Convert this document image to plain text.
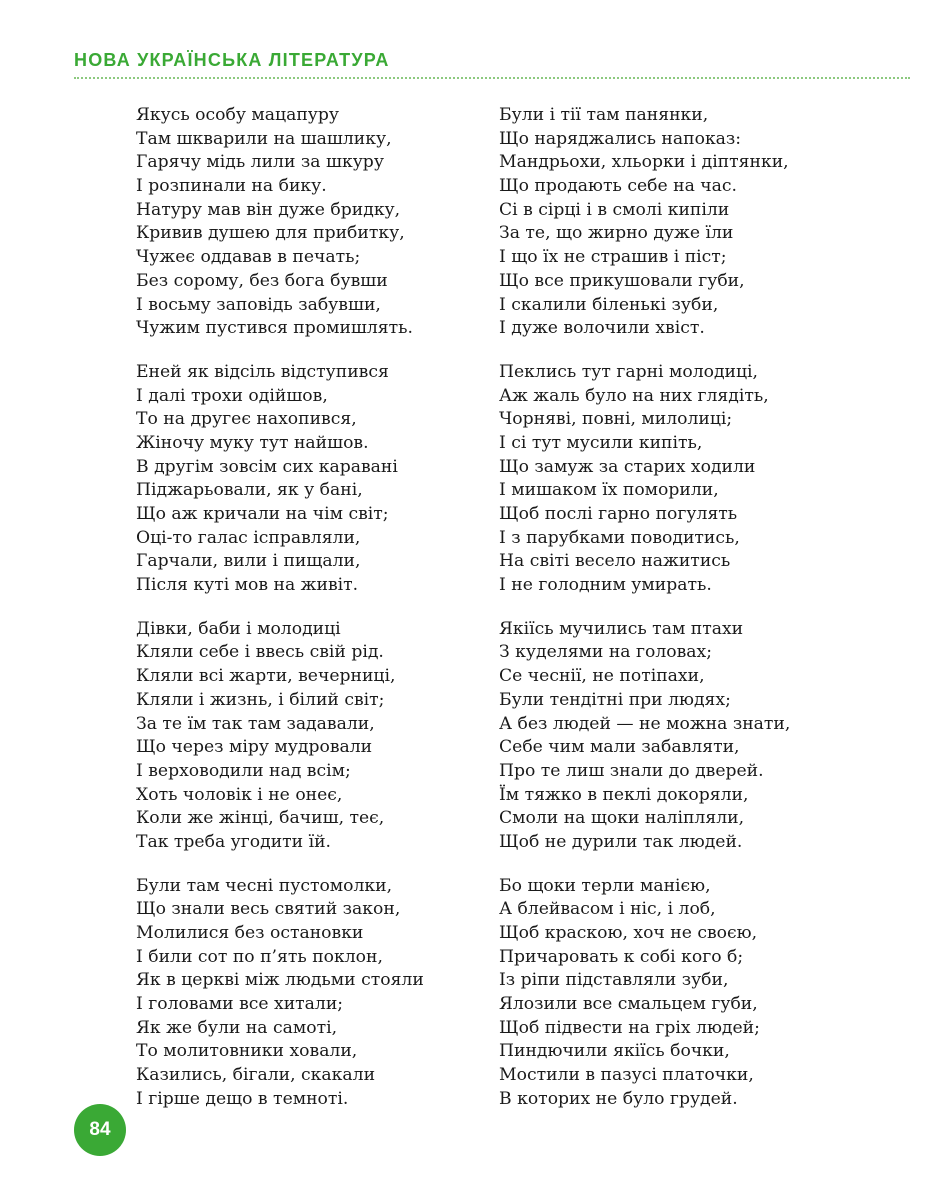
НОВА УКРАЇНСЬКА ЛІТЕРАТУРА
Якусь особу мацапуру
Там шкварили на шашлику,
Гарячу мідь лили за шкуру
І розпинали на бику.
Натуру мав він дуже бридку,
Кривив душею для прибитку,
Чужеє оддавав в печать;
Без сорому, без бога бувши
І восьму заповідь забувши,
Чужим пустився промишлять.
Еней як відсіль відступився
І далі трохи одійшов,
То на другеє нахопився,
Жіночу муку тут найшов.
В другім зовсім сих каравані
Піджарьовали, як у бані,
Що аж кричали на чім світ;
Оці-то галас ісправляли,
Гарчали, вили і пищали,
Після куті мов на живіт.
Дівки, баби і молодиці
Кляли себе і ввесь свій рід.
Кляли всі жарти, вечерниці,
Кляли і жизнь, і білий світ;
За те їм так там задавали,
Що через міру мудровали
І верховодили над всім;
Хоть чоловік і не онеє,
Коли же жінці, бачиш, теє,
Так треба угодити їй.
Були там чесні пустомолки,
Що знали весь святий закон,
Молилися без остановки
І били сот по п’ять поклон,
Як в церкві між людьми стояли
І головами все хитали;
Як же були на самоті,
То молитовники ховали,
Казились, бігали, скакали
І гірше дещо в темноті.
Були і тії там панянки,
Що наряджались напоказ:
Мандрьохи, хльорки і діптянки,
Що продають себе на час.
Сі в сірці і в смолі кипіли
За те, що жирно дуже їли
І що їх не страшив і піст;
Що все прикушовали губи,
І скалили біленькі зуби,
І дуже волочили хвіст.
Пеклись тут гарні молодиці,
Аж жаль було на них глядіть,
Чорняві, повні, милолиці;
І сі тут мусили кипіть,
Що замуж за старих ходили
І мишаком їх поморили,
Щоб послі гарно погулять
І з парубками поводитись,
На світі весело нажитись
І не голодним умирать.
Якіїсь мучились там птахи
З куделями на головах;
Се чеснії, не потіпахи,
Були тендітні при людях;
А без людей — не можна знати,
Себе чим мали забавляти,
Про те лиш знали до дверей.
Їм тяжко в пеклі докоряли,
Смоли на щоки наліпляли,
Щоб не дурили так людей.
Бо щоки терли манією,
А блейвасом і ніс, і лоб,
Щоб краскою, хоч не своєю,
Причаровать к собі кого б;
Із ріпи підставляли зуби,
Ялозили все смальцем губи,
Щоб підвести на гріх людей;
Пиндючили якіїсь бочки,
Мостили в пазусі платочки,
В которих не було грудей.
84
